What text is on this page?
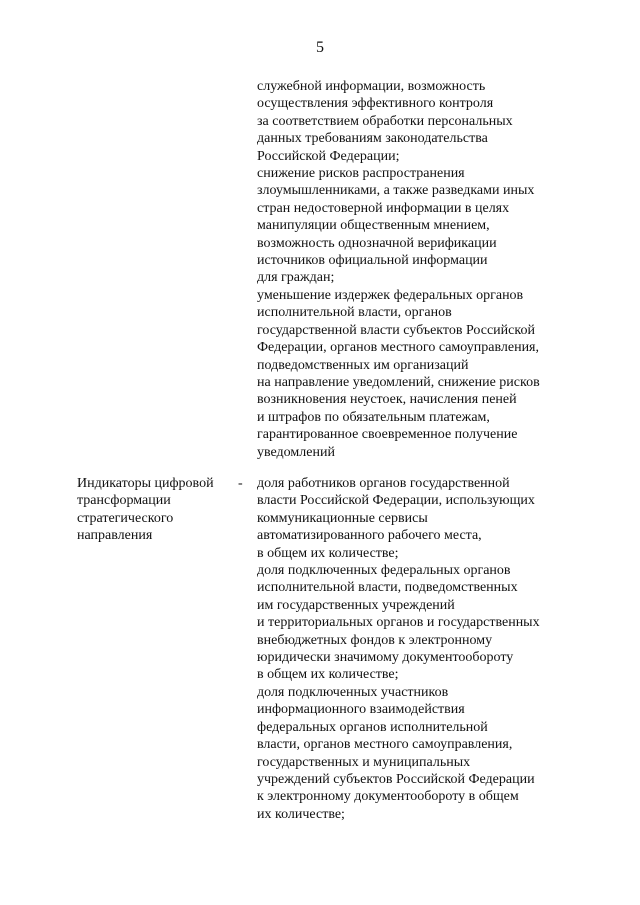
5
служебной информации, возможность
осуществления эффективного контроля
за соответствием обработки персональных
данных требованиям законодательства
Российской Федерации;
снижение рисков распространения
злоумышленниками, а также разведками иных
стран недостоверной информации в целях
манипуляции общественным мнением,
возможность однозначной верификации
источников официальной информации
для граждан;
уменьшение издержек федеральных органов
исполнительной власти, органов
государственной власти субъектов Российской
Федерации, органов местного самоуправления,
подведомственных им организаций
на направление уведомлений, снижение рисков
возникновения неустоек, начисления пеней
и штрафов по обязательным платежам,
гарантированное своевременное получение
уведомлений
Индикаторы цифровой
трансформации
стратегического
направления
- доля работников органов государственной
власти Российской Федерации, использующих
коммуникационные сервисы
автоматизированного рабочего места,
в общем их количестве;
доля подключенных федеральных органов
исполнительной власти, подведомственных
им государственных учреждений
и территориальных органов и государственных
внебюджетных фондов к электронному
юридически значимому документообороту
в общем их количестве;
доля подключенных участников
информационного взаимодействия
федеральных органов исполнительной
власти, органов местного самоуправления,
государственных и муниципальных
учреждений субъектов Российской Федерации
к электронному документообороту в общем
их количестве;
